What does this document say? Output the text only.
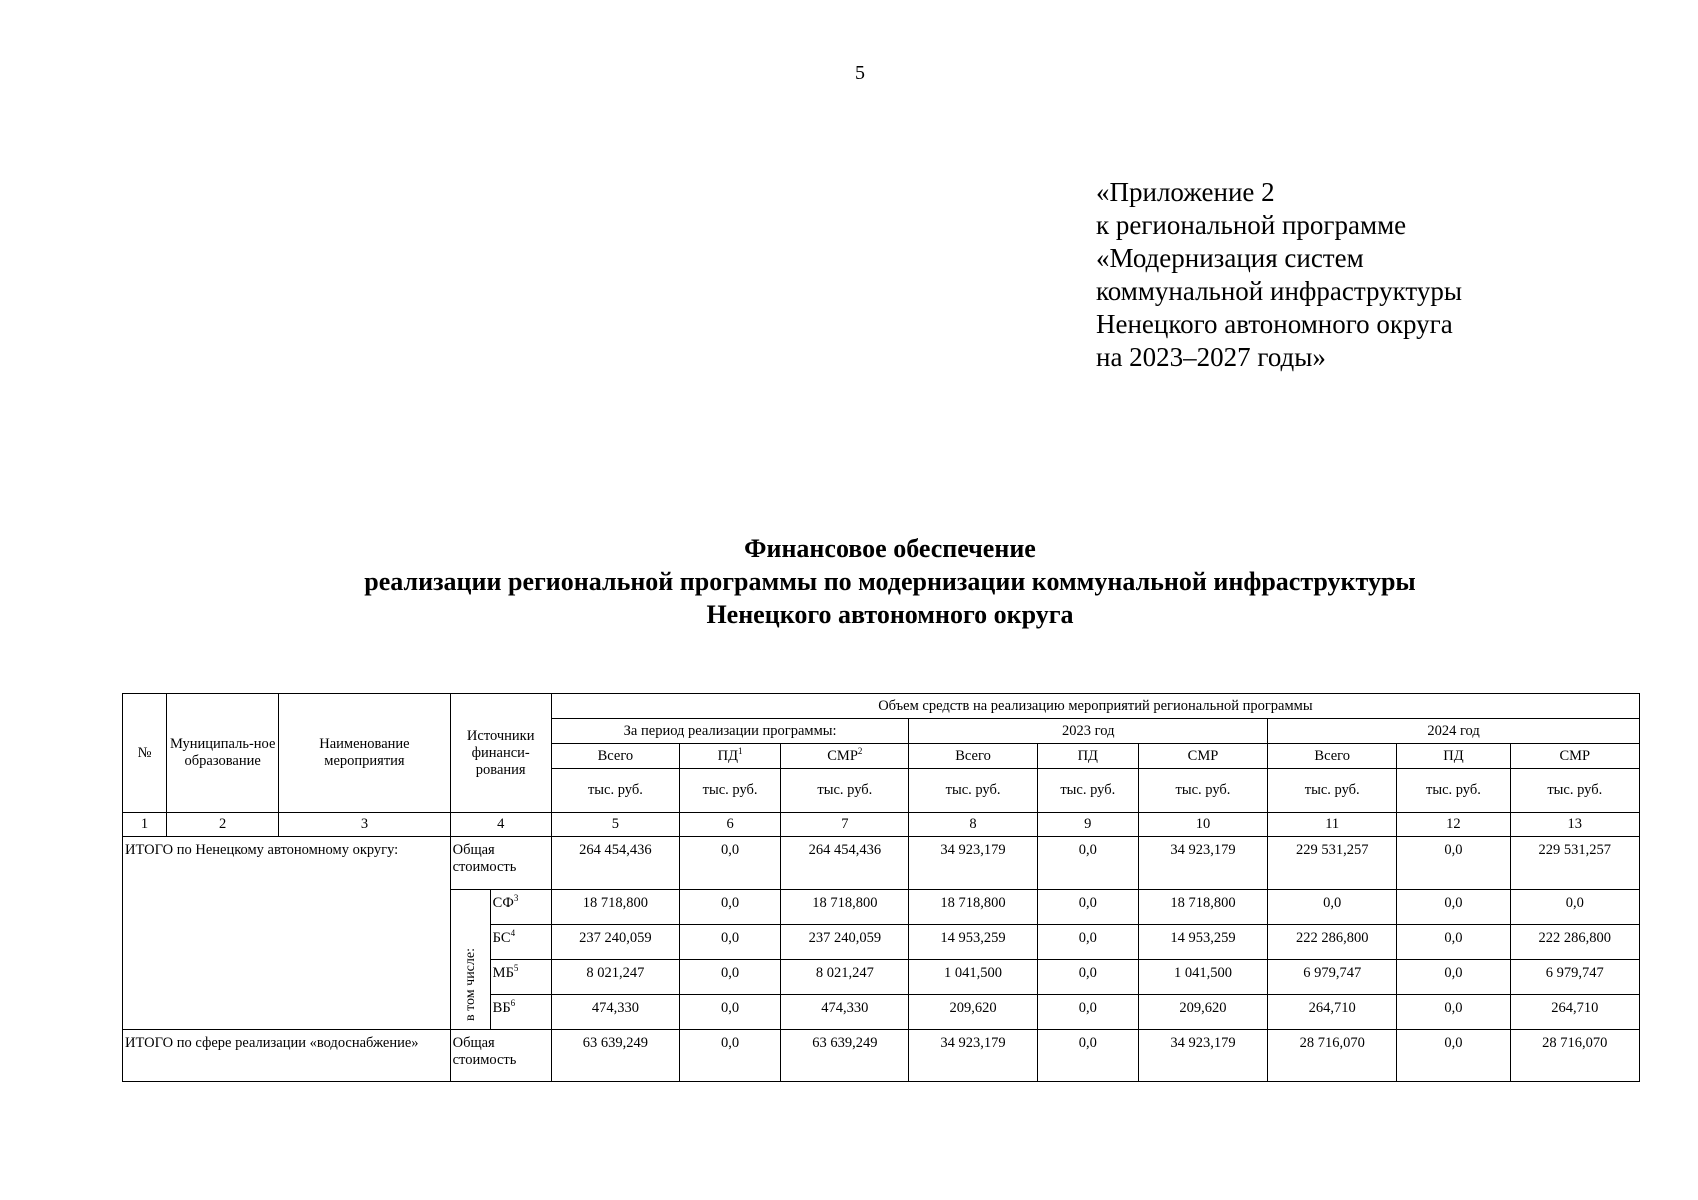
5
«Приложение 2
к региональной программе
«Модернизация систем
коммунальной инфраструктуры
Ненецкого автономного округа
на 2023–2027 годы»
Финансовое обеспечение
реализации региональной программы по модернизации коммунальной инфраструктуры
Ненецкого автономного округа
№	Муниципаль-ное образование	Наименование мероприятия	Источники финанси-рования		Объем средств на реализацию мероприятий региональной программы								
					За период реализации программы:			2023 год			2024 год		
					Всего	$ПД^1$	СМР$^2$	Всего	ПД	СМР	Всего	ПД	СМР
					тыс. руб.	тыс. руб.	тыс. руб.	тыс. руб.	тыс. руб.	тыс. руб.	тыс. руб.	тыс. руб.	тыс. руб.
1	2	3	4		5	6	7	8	9	10	11	12	13
ИТОГО по Ненецкому автономному округу:			Общая стоимость		264 454,436	0,0	264 454,436	34 923,179	0,0	34 923,179	229 531,257	0,0	229 531,257
			в том числе:	$СФ^3$	18 718,800	0,0	18 718,800	18 718,800	0,0	18 718,800	0,0	0,0	0,0
				$БС^4$	237 240,059	0,0	237 240,059	14 953,259	0,0	14 953,259	222 286,800	0,0	222 286,800
				$МБ^5$	8 021,247	0,0	8 021,247	1 041,500	0,0	1 041,500	6 979,747	0,0	6 979,747
				$ВБ^6$	474,330	0,0	474,330	209,620	0,0	209,620	264,710	0,0	264,710
ИТОГО по сфере реализации «водоснабжение»			Общая стоимость		63 639,249	0,0	63 639,249	34 923,179	0,0	34 923,179	28 716,070	0,0	28 716,070
